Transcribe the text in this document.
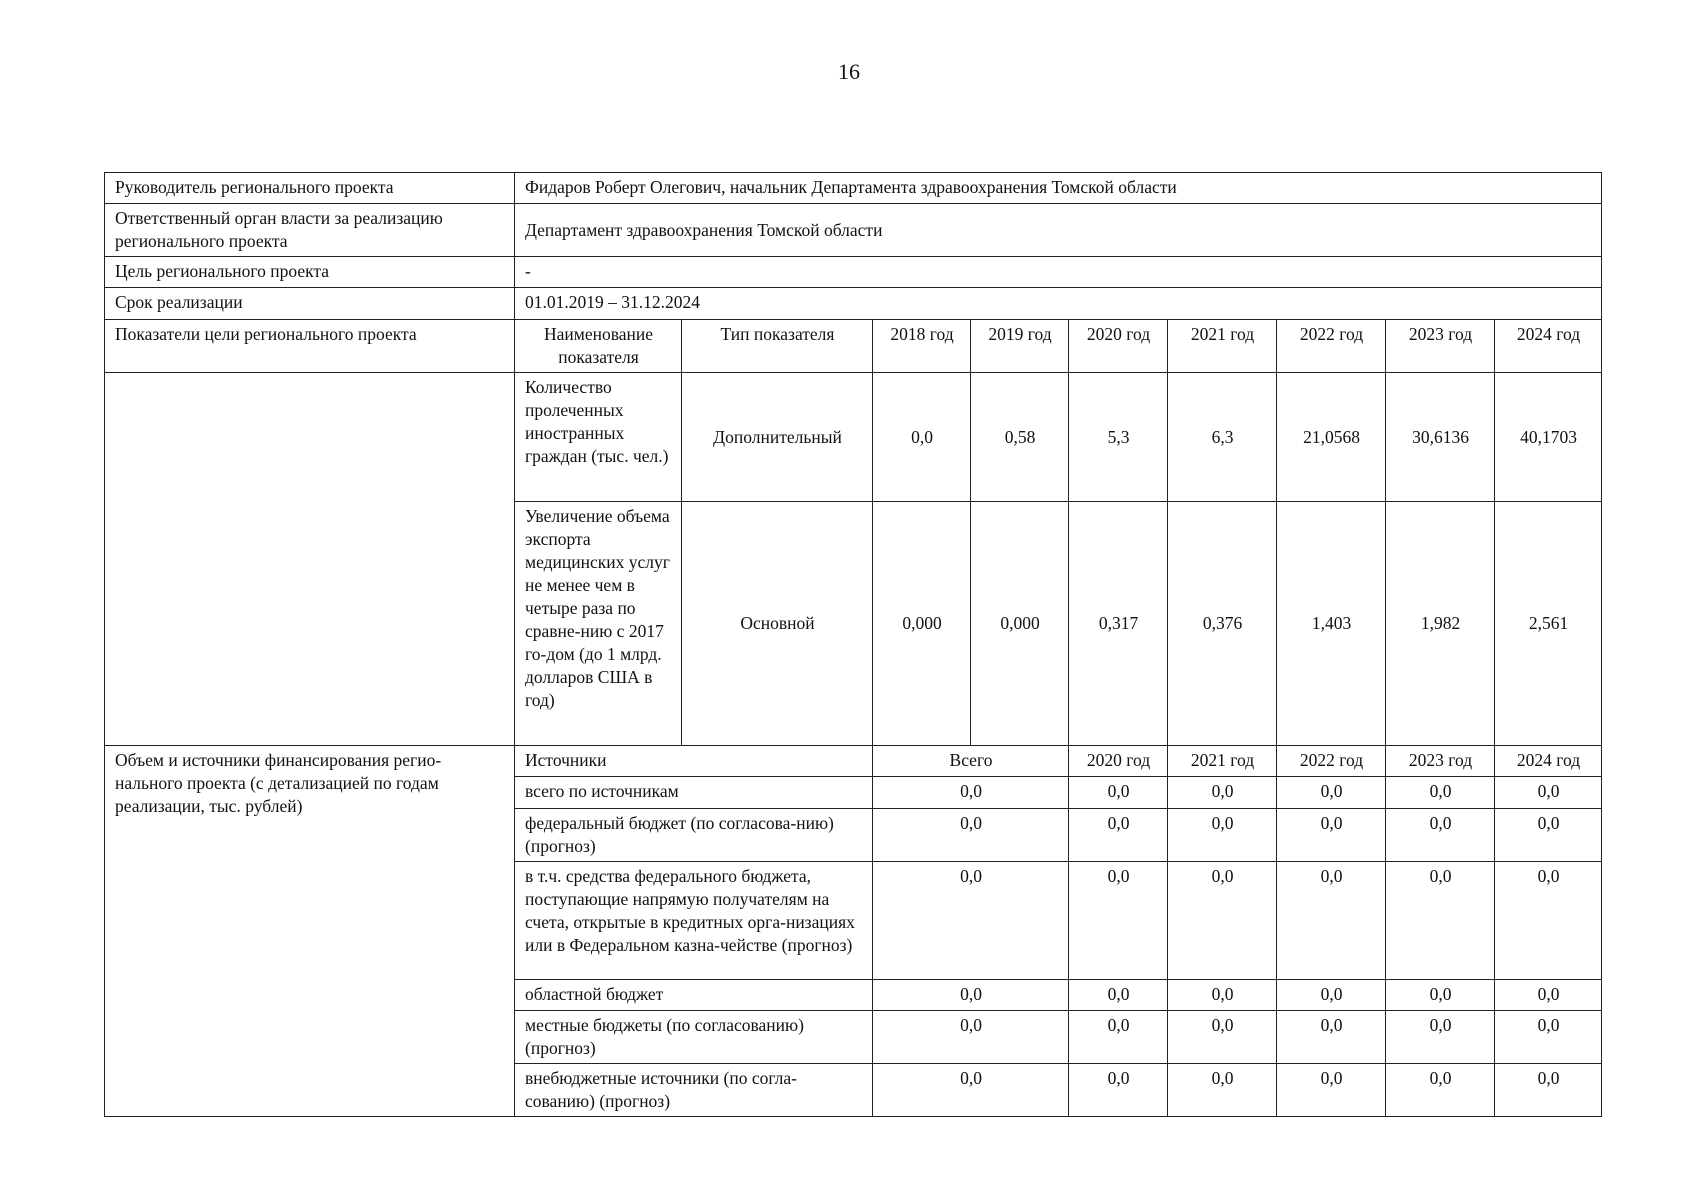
16
Руководитель регионального проекта	Фидаров Роберт Олегович, начальник Департамента здравоохранения Томской области								
Ответственный орган власти за реализацию регионального проекта	Департамент здравоохранения Томской области								
Цель регионального проекта	-								
Срок реализации	01.01.2019 – 31.12.2024								
Показатели цели регионального проекта	Наименование показателя	Тип показателя	2018 год	2019 год	2020 год	2021 год	2022 год	2023 год	2024 год
	Количество пролеченных иностранных граждан (тыс. чел.)	Дополнительный	0,0	0,58	5,3	6,3	21,0568	30,6136	40,1703
	Увеличение объема экспорта медицинских услуг не менее чем в четыре раза по сравне-нию с 2017 го-дом (до 1 млрд. долларов США в год)	Основной	0,000	0,000	0,317	0,376	1,403	1,982	2,561
Объем и источники финансирования регио-нального проекта (с детализацией по годам реализации, тыс. рублей)	Источники		Всего		2020 год	2021 год	2022 год	2023 год	2024 год
	всего по источникам		0,0		0,0	0,0	0,0	0,0	0,0
	федеральный бюджет (по согласова-нию) (прогноз)		0,0		0,0	0,0	0,0	0,0	0,0
	в т.ч. средства федерального бюджета, поступающие напрямую получателям на счета, открытые в кредитных орга-низациях или в Федеральном казна-чействе (прогноз)		0,0		0,0	0,0	0,0	0,0	0,0
	областной бюджет		0,0		0,0	0,0	0,0	0,0	0,0
	местные бюджеты (по согласованию) (прогноз)		0,0		0,0	0,0	0,0	0,0	0,0
	внебюджетные источники (по согла-сованию) (прогноз)		0,0		0,0	0,0	0,0	0,0	0,0
